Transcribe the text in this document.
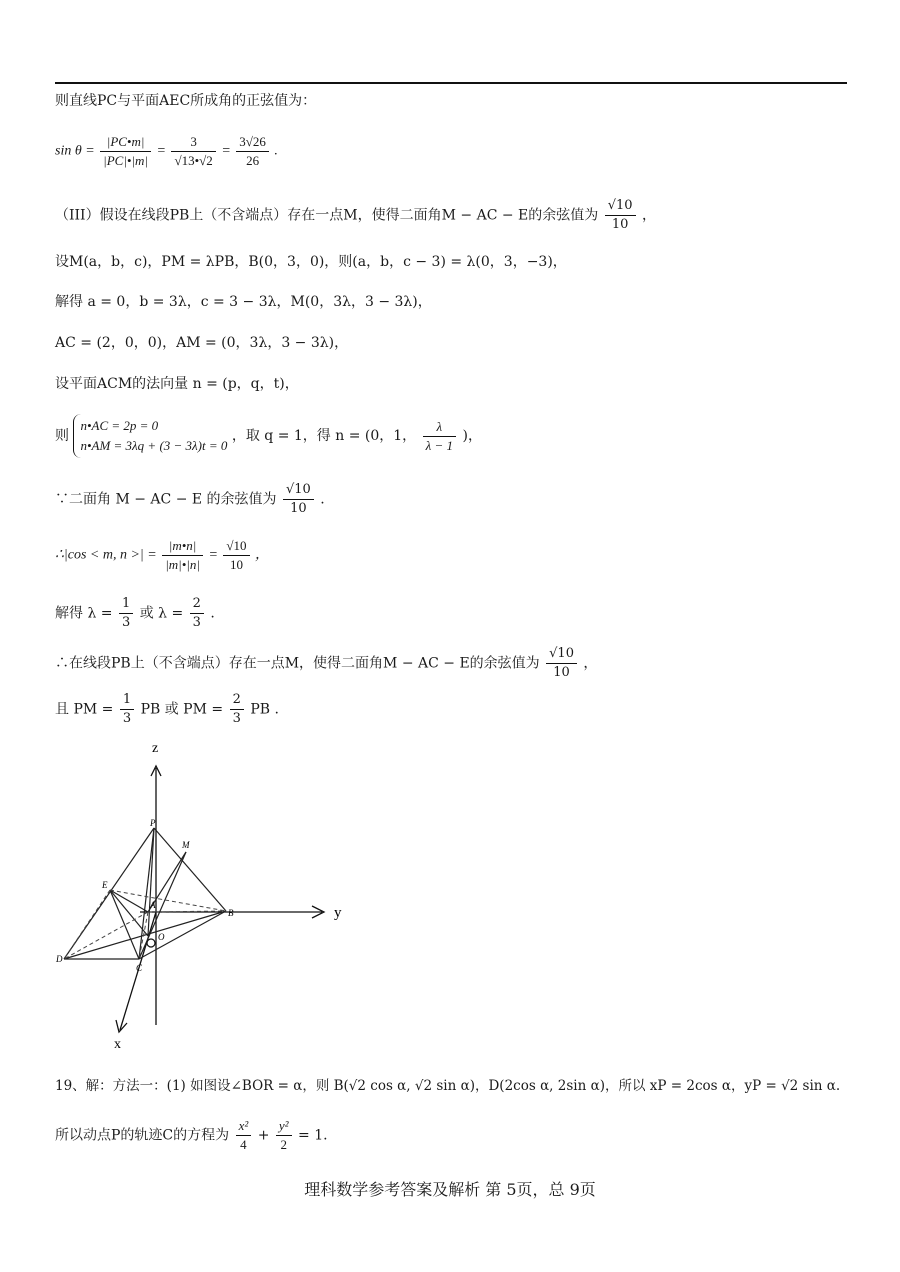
则直线PC与平面AEC所成角的正弦值为：
$\sin \theta = \frac{|PC•m|}{|PC|•|m|} = \frac{3}{√13•√2} = \frac{3√26}{26}$ .
（III）假设在线段PB上（不含端点）存在一点M，使得二面角M − AC − E的余弦值为 $\frac{√10}{10}$ ，
设M(a，b，c)，PM = λPB，B(0，3，0)，则(a，b，c − 3) = λ(0，3，−3)，
解得 a = 0，b = 3λ，c = 3 − 3λ，M(0，3λ，3 − 3λ)，
AC = (2，0，0)，AM = (0，3λ，3 − 3λ)，
设平面ACM的法向量 n = (p，q，t)，
则
n•AC = 2p = 0
n•AM = 3λq + (3 − 3λ)t = 0
，取 q = 1，得 n = (0，1， $\frac{\lambda}{\lambda - 1}$ )，
∵二面角 M − AC − E 的余弦值为 $\frac{√10}{10}$ .
∴|cos < m, n >| = $\frac{|m•n|}{|m|•|n|} = \frac{√10}{10}$ ，
解得 $\lambda = \frac{1}{3}$ 或 $\lambda = \frac{2}{3}$ .
∴在线段PB上（不含端点）存在一点M，使得二面角M − AC − E的余弦值为 $\frac{√10}{10}$ ，
且 PM = $\frac{1}{3}$ PB 或 PM = $\frac{2}{3}$ PB .
z
y
x
P
M
E
A
B
D
C
O
19、解：方法一：(1) 如图设∠BOR = α，则 B(√2 cos α, √2 sin α)，D(2cos α, 2sin α)，所以 xP = 2cos α，yP = √2 sin α.
所以动点P的轨迹C的方程为 $\frac{\text{x²}}{4} + \frac{\text{y²}}{2} = 1$.
理科数学参考答案及解析 第 5页，总 9页
